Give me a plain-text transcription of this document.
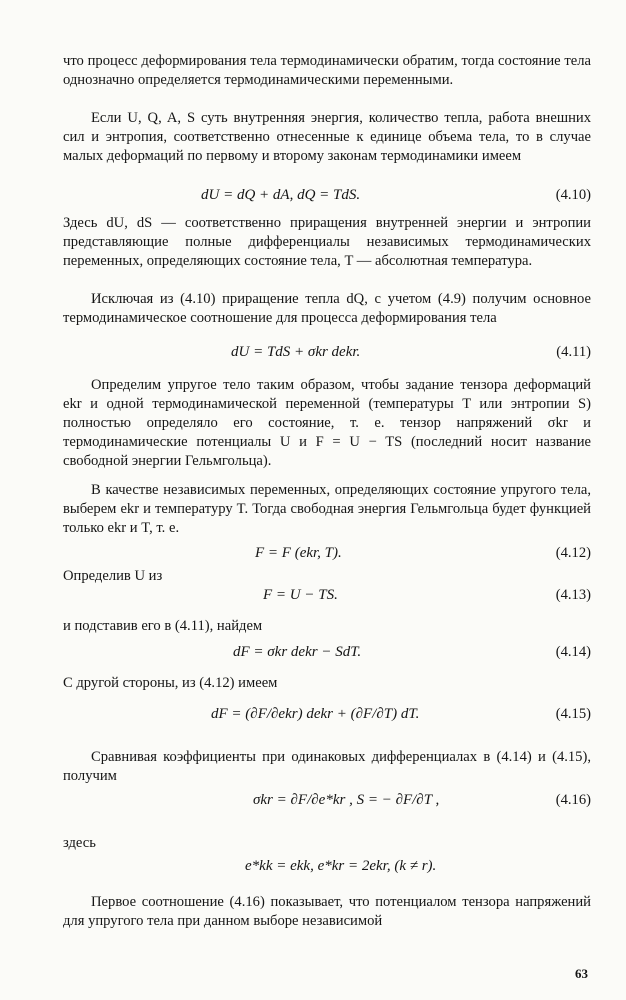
что процесс деформирования тела термодинамически обратим, тогда состояние тела однозначно определяется термодинамическими переменными.

Если U, Q, A, S суть внутренняя энергия, количество тепла, работа внешних сил и энтропия, соответственно отнесенные к единице объема тела, то в случае малых деформаций по первому и второму законам термодинамики имеем

dU = dQ + dA, dQ = TdS.	(4.10)

Здесь dU, dS — соответственно приращения внутренней энергии и энтропии представляющие полные дифференциалы независимых термодинамических переменных, определяющих состояние тела, T — абсолютная температура.

Исключая из (4.10) приращение тепла dQ, с учетом (4.9) получим основное термодинамическое соотношение для процесса деформирования тела

dU = TdS + σkr dekr.	(4.11)

Определим упругое тело таким образом, чтобы задание тензора деформаций ekr и одной термодинамической переменной (температуры T или энтропии S) полностью определяло его состояние, т. е. тензор напряжений σkr и термодинамические потенциалы U и F = U − TS (последний носит название свободной энергии Гельмгольца).

В качестве независимых переменных, определяющих состояние упругого тела, выберем ekr и температуру T. Тогда свободная энергия Гельмгольца будет функцией только ekr и T, т. е.

F = F (ekr, T).	(4.12)

Определив U из

F = U − TS.	(4.13)

и подставив его в (4.11), найдем

dF = σkr dekr − SdT.	(4.14)

С другой стороны, из (4.12) имеем

dF = (∂F/∂ekr) dekr + (∂F/∂T) dT.	(4.15)

Сравнивая коэффициенты при одинаковых дифференциалах в (4.14) и (4.15), получим

σkr = ∂F/∂e*kr , S = − ∂F/∂T ,	(4.16)

здесь

e*kk = ekk, e*kr = 2ekr, (k ≠ r).

Первое соотношение (4.16) показывает, что потенциалом тензора напряжений для упругого тела при данном выборе независимой

63
